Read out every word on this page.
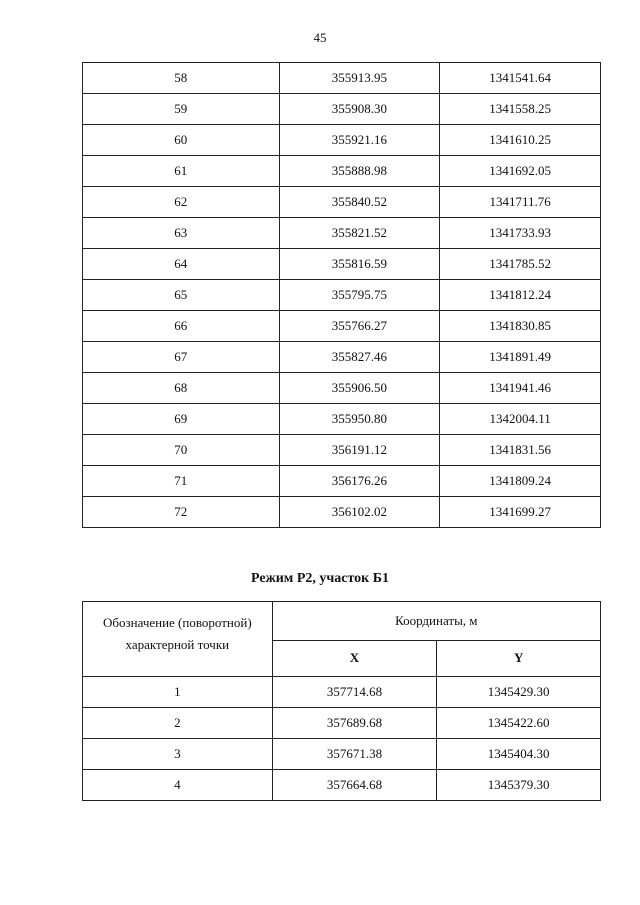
45
58	355913.95	1341541.64
59	355908.30	1341558.25
60	355921.16	1341610.25
61	355888.98	1341692.05
62	355840.52	1341711.76
63	355821.52	1341733.93
64	355816.59	1341785.52
65	355795.75	1341812.24
66	355766.27	1341830.85
67	355827.46	1341891.49
68	355906.50	1341941.46
69	355950.80	1342004.11
70	356191.12	1341831.56
71	356176.26	1341809.24
72	356102.02	1341699.27
Режим Р2, участок Б1
Обозначение (поворотной) характерной точки	Координаты, м	
	X	Y
1	357714.68	1345429.30
2	357689.68	1345422.60
3	357671.38	1345404.30
4	357664.68	1345379.30
